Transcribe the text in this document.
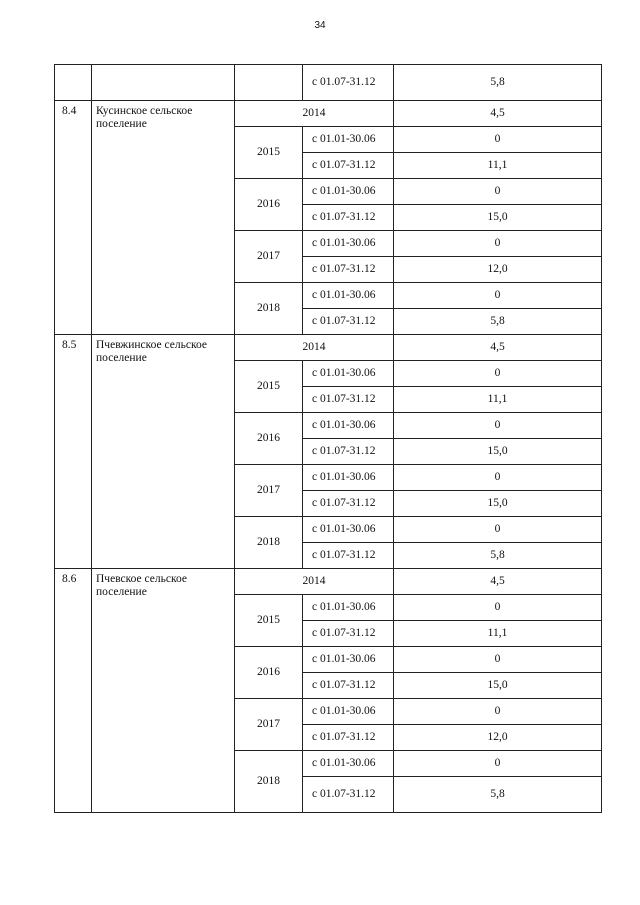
34
			с 01.07-31.12	5,8
8.4	Кусинское сельское поселение	2014		4,5
		2015	с 01.01-30.06	0
			с 01.07-31.12	11,1
		2016	с 01.01-30.06	0
			с 01.07-31.12	15,0
		2017	с 01.01-30.06	0
			с 01.07-31.12	12,0
		2018	с 01.01-30.06	0
			с 01.07-31.12	5,8
8.5	Пчевжинское сельское поселение	2014		4,5
		2015	с 01.01-30.06	0
			с 01.07-31.12	11,1
		2016	с 01.01-30.06	0
			с 01.07-31.12	15,0
		2017	с 01.01-30.06	0
			с 01.07-31.12	15,0
		2018	с 01.01-30.06	0
			с 01.07-31.12	5,8
8.6	Пчевское сельское поселение	2014		4,5
		2015	с 01.01-30.06	0
			с 01.07-31.12	11,1
		2016	с 01.01-30.06	0
			с 01.07-31.12	15,0
		2017	с 01.01-30.06	0
			с 01.07-31.12	12,0
		2018	с 01.01-30.06	0
			с 01.07-31.12	5,8
